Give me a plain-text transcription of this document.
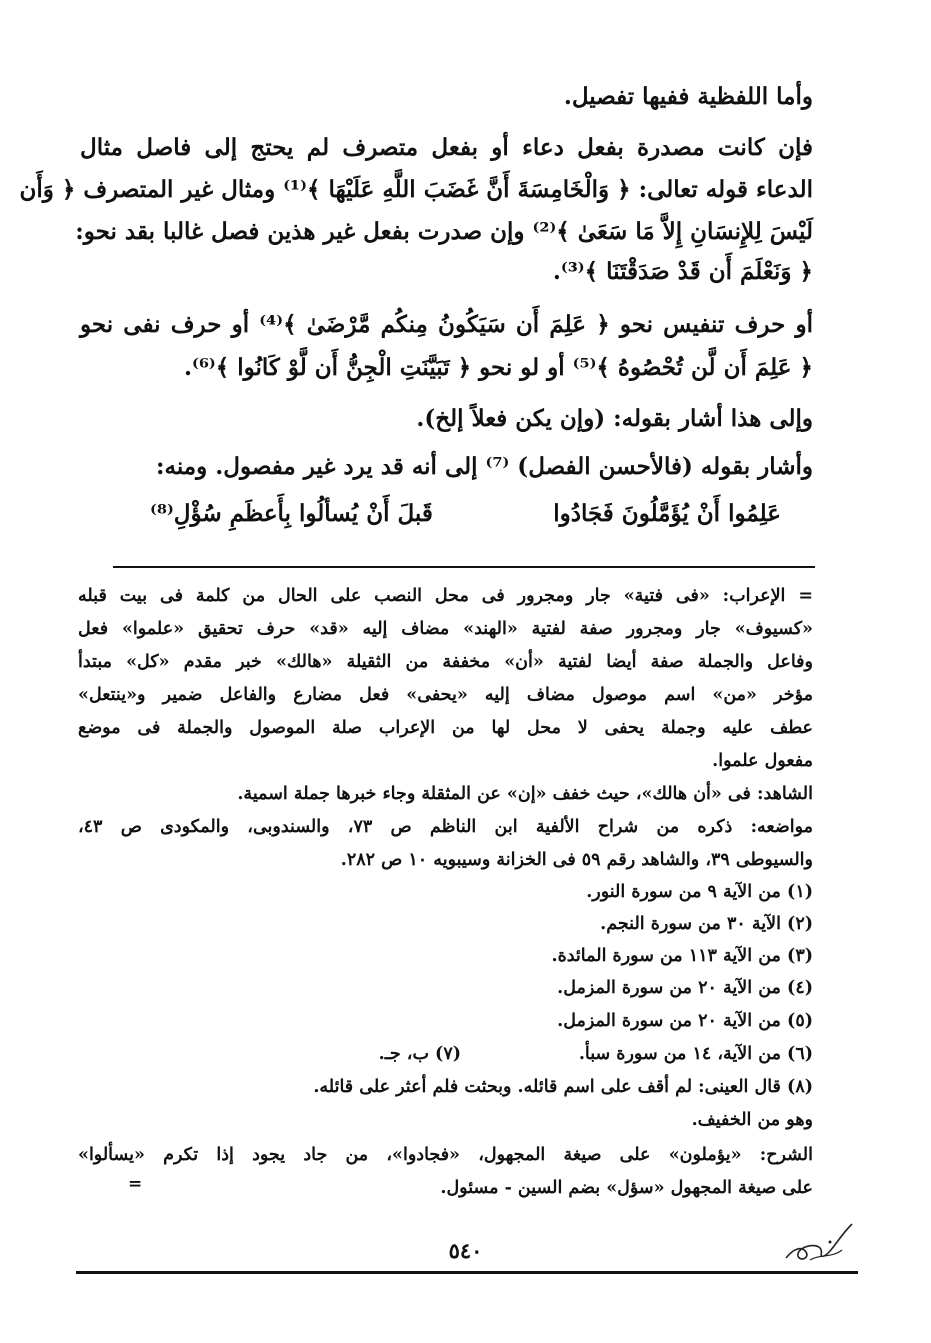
وأما اللفظية ففيها تفصيل.
فإن كانت مصدرة بفعل دعاء أو بفعل متصرف لم يحتج إلى فاصل مثال
الدعاء قوله تعالى: ﴿ وَالْخَامِسَةَ أَنَّ غَضَبَ اللَّهِ عَلَيْهَا ﴾⁽¹⁾ ومثال غير المتصرف ﴿ وَأَن
لَيْسَ لِلإِنسَانِ إِلاَّ مَا سَعَىٰ ﴾⁽²⁾ وإن صدرت بفعل غير هذين فصل غالبا بقد نحو:
﴿ وَنَعْلَمَ أَن قَدْ صَدَقْتَنَا ﴾⁽³⁾.
أو حرف تنفيس نحو ﴿ عَلِمَ أَن سَيَكُونُ مِنكُم مَّرْضَىٰ ﴾⁽⁴⁾ أو حرف نفى نحو
﴿ عَلِمَ أَن لَّن تُحْصُوهُ ﴾⁽⁵⁾ أو لو نحو ﴿ تَبَيَّنَتِ الْجِنُّ أَن لَّوْ كَانُوا ﴾⁽⁶⁾.
وإلى هذا أشار بقوله: (وإن يكن فعلاً إلخ).
وأشار بقوله (فالأحسن الفصل) ⁽⁷⁾ إلى أنه قد يرد غير مفصول. ومنه:
عَلِمُوا أَنْ يُؤَمَّلُونَ فَجَادُوا
قَبلَ أَنْ يُسألُوا بِأَعظَمِ سُؤْلِ⁽⁸⁾
= الإعراب: «فى فتية» جار ومجرور فى محل النصب على الحال من كلمة فى بيت قبله
«كسيوف» جار ومجرور صفة لفتية «الهند» مضاف إليه «قد» حرف تحقيق «علموا» فعل
وفاعل والجملة صفة أيضا لفتية «أن» مخففة من الثقيلة «هالك» خبر مقدم «كل» مبتدأ
مؤخر «من» اسم موصول مضاف إليه «يحفى» فعل مضارع والفاعل ضمير و«ينتعل»
عطف عليه وجملة يحفى لا محل لها من الإعراب صلة الموصول والجملة فى موضع
مفعول علموا.
الشاهد: فى «أن هالك»، حيث خفف «إن» عن المثقلة وجاء خبرها جملة اسمية.
مواضعه: ذكره من شراح الألفية ابن الناظم ص ٧٣، والسندوبى، والمكودى ص ٤٣،
والسيوطى ٣٩، والشاهد رقم ٥٩ فى الخزانة وسيبويه ١٠ ص ٢٨٢.
(١) من الآية ٩ من سورة النور.
(٢) الآية ٣٠ من سورة النجم.
(٣) من الآية ١١٣ من سورة المائدة.
(٤) من الآية ٢٠ من سورة المزمل.
(٥) من الآية ٢٠ من سورة المزمل.
(٦) من الآية، ١٤ من سورة سبأ.
(٧) ب، جـ.
(٨) قال العينى: لم أقف على اسم قائله. وبحثت فلم أعثر على قائله.
وهو من الخفيف.
الشرح: «يؤملون» على صيغة المجهول، «فجادوا»، من جاد يجود إذا تكرم «يسألوا»
على صيغة المجهول «سؤل» بضم السين - مسئول.
=
٥٤٠
